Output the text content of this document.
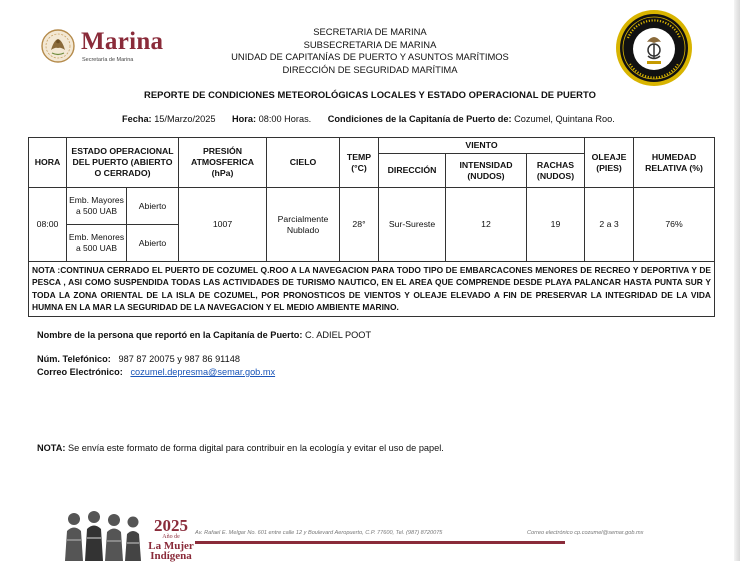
Marina
Secretaría de Marina
SECRETARIA DE MARINA
SUBSECRETARIA DE MARINA
UNIDAD DE CAPITANÍAS DE PUERTO Y ASUNTOS MARÍTIMOS
DIRECCIÓN DE SEGURIDAD MARÍTIMA
REPORTE DE CONDICIONES METEOROLÓGICAS LOCALES Y ESTADO OPERACIONAL DE PUERTO
Fecha: 15/Marzo/2025 Hora: 08:00 Horas. Condiciones de la Capitanía de Puerto de: Cozumel, Quintana Roo.
HORA	ESTADO OPERACIONAL DEL PUERTO (ABIERTO O CERRADO)		PRESIÓN ATMOSFERICA (hPa)	CIELO	TEMP (°C)	VIENTO			OLEAJE (PIES)	HUMEDAD RELATIVA (%)
						DIRECCIÓN	INTENSIDAD (NUDOS)	RACHAS (NUDOS)		
08:00	Emb. Mayores a 500 UAB	Abierto	1007	Parcialmente Nublado	28°	Sur-Sureste	12	19	2 a 3	76%
	Emb. Menores a 500 UAB	Abierto								
NOTA :CONTINUA CERRADO EL PUERTO DE COZUMEL Q.ROO A LA NAVEGACION PARA TODO TIPO DE EMBARCACONES MENORES DE RECREO Y DEPORTIVA Y DE PESCA , ASI COMO SUSPENDIDA TODAS LAS ACTIVIDADES DE TURISMO NAUTICO, EN EL AREA QUE COMPRENDE DESDE PLAYA PALANCAR HASTA PUNTA SUR Y TODA LA ZONA ORIENTAL DE LA ISLA DE COZUMEL, POR PRONOSTICOS DE VIENTOS Y OLEAJE ELEVADO A FIN DE PRESERVAR LA INTEGRIDAD DE LA VIDA HUMNA EN LA MAR LA SEGURIDAD DE LA NAVEGACION Y EL MEDIO AMBIENTE MARINO.										
Nombre de la persona que reportó en la Capitanía de Puerto: C. ADIEL POOT
Núm. Telefónico: 987 87 20075 y 987 86 91148
Correo Electrónico: cozumel.depresma@semar.gob.mx
NOTA: Se envía este formato de forma digital para contribuir en la ecología y evitar el uso de papel.
2025
Año de
La Mujer
Indígena
Av. Rafael E. Melgar No. 601 entre calle 12 y Boulevard Aeropuerto, C.P. 77600, Tel. (987) 8720075	Correo electrónico cp.cozumel@semar.gob.mx
